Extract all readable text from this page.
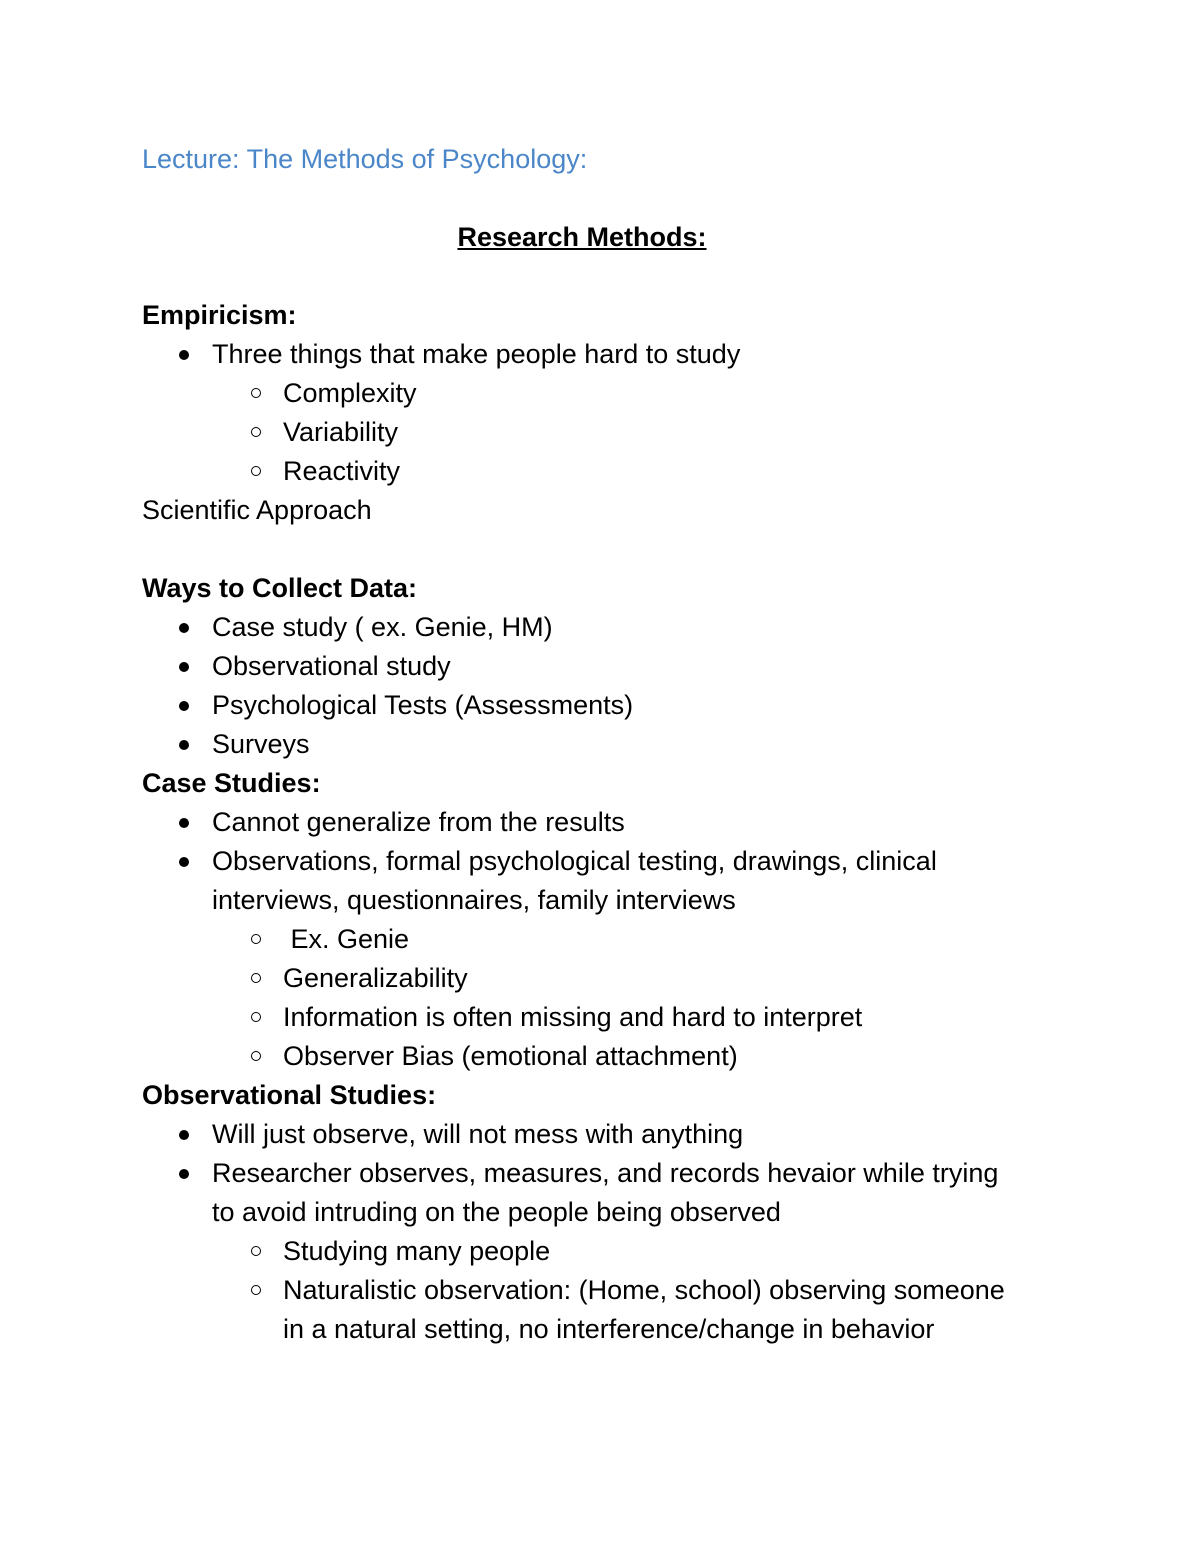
Lecture: The Methods of Psychology:

Research Methods:

Empiricism:

Three things that make people hard to study
Complexity
Variability
Reactivity

Scientific Approach

Ways to Collect Data:

Case study ( ex. Genie, HM)
Observational study
Psychological Tests (Assessments)
Surveys

Case Studies:

Cannot generalize from the results
Observations, formal psychological testing, drawings, clinical interviews, questionnaires, family interviews
Ex. Genie
Generalizability
Information is often missing and hard to interpret
Observer Bias (emotional attachment)

Observational Studies:

Will just observe, will not mess with anything
Researcher observes, measures, and records hevaior while trying to avoid intruding on the people being observed
Studying many people
Naturalistic observation: (Home, school) observing someone in a natural setting, no interference/change in behavior
